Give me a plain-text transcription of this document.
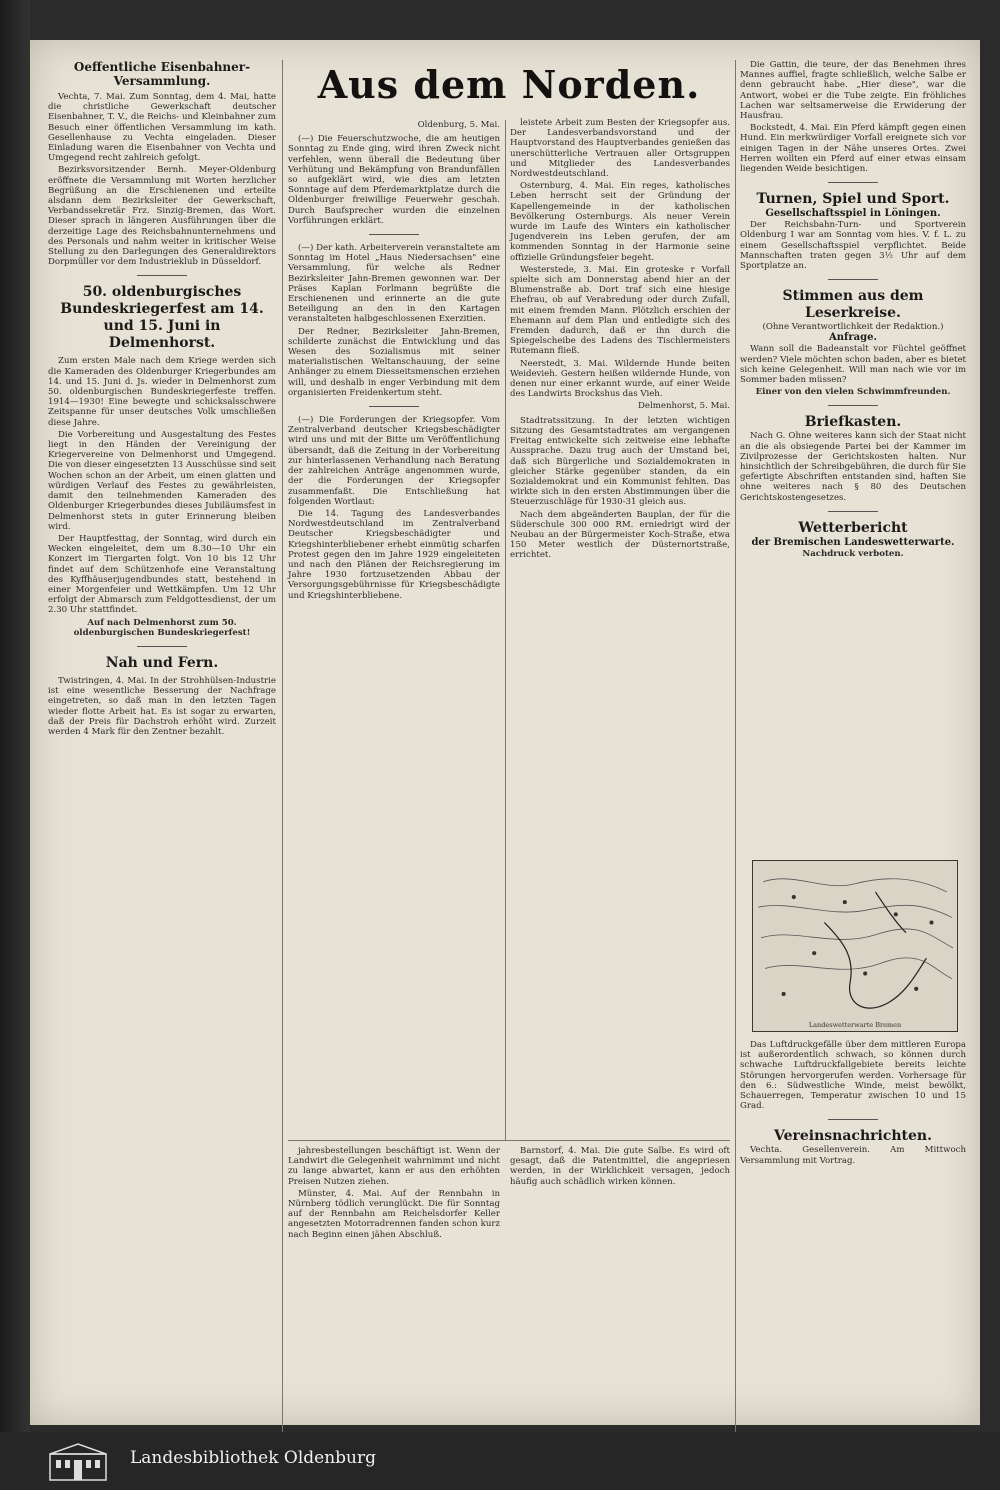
Aus dem Norden.
Oeffentliche Eisenbahner-Versammlung.

Vechta, 7. Mai. Zum Sonntag, dem 4. Mai, hatte die christliche Gewerkschaft deutscher Eisenbahner, T. V., die Reichs- und Kleinbahner zum Besuch einer öffentlichen Versammlung im kath. Gesellenhause zu Vechta eingeladen. Dieser Einladung waren die Eisenbahner von Vechta und Umgegend recht zahlreich gefolgt.

Bezirksvorsitzender Bernh. Meyer-Oldenburg eröffnete die Versammlung mit Worten herzlicher Begrüßung an die Erschienenen und erteilte alsdann dem Bezirksleiter der Gewerkschaft, Verbandssekretär Frz. Sinzig-Bremen, das Wort. Dieser sprach in längeren Ausführungen über die derzeitige Lage des Reichsbahnunternehmens und des Personals und nahm weiter in kritischer Weise Stellung zu den Darlegungen des Generaldirektors Dorpmüller vor dem Industrieklub in Düsseldorf.

50. oldenburgisches Bundeskriegerfest am 14. und 15. Juni in Delmenhorst.

Zum ersten Male nach dem Kriege werden sich die Kameraden des Oldenburger Kriegerbundes am 14. und 15. Juni d. Js. wieder in Delmenhorst zum 50. oldenburgischen Bundeskriegerfeste treffen. 1914—1930! Eine bewegte und schicksalsschwere Zeitspanne für unser deutsches Volk umschließen diese Jahre.

Die Vorbereitung und Ausgestaltung des Festes liegt in den Händen der Vereinigung der Kriegervereine von Delmenhorst und Umgegend. Die von dieser eingesetzten 13 Ausschüsse sind seit Wochen schon an der Arbeit, um einen glatten und würdigen Verlauf des Festes zu gewährleisten, damit den teilnehmenden Kameraden des Oldenburger Kriegerbundes dieses Jubiläumsfest in Delmenhorst stets in guter Erinnerung bleiben wird.

Der Hauptfesttag, der Sonntag, wird durch ein Wecken eingeleitet, dem um 8.30—10 Uhr ein Konzert im Tiergarten folgt. Von 10 bis 12 Uhr findet auf dem Schützenhofe eine Veranstaltung des Kyffhäuserjugendbundes statt, bestehend in einer Morgenfeier und Wettkämpfen. Um 12 Uhr erfolgt der Abmarsch zum Feldgottesdienst, der um 2.30 Uhr stattfindet.

Auf nach Delmenhorst zum 50. oldenburgischen Bundeskriegerfest!

Nah und Fern.

Twistringen, 4. Mai. In der Strohhülsen-Industrie ist eine wesentliche Besserung der Nachfrage eingetreten, so daß man in den letzten Tagen wieder flotte Arbeit hat. Es ist sogar zu erwarten, daß der Preis für Dachstroh erhöht wird. Zurzeit werden 4 Mark für den Zentner bezahlt.

Oldenburg, 5. Mai.

(—) Die Feuerschutzwoche, die am heutigen Sonntag zu Ende ging, wird ihren Zweck nicht verfehlen, wenn überall die Bedeutung über Verhütung und Bekämpfung von Brandunfällen so aufgeklärt wird, wie dies am letzten Sonntage auf dem Pferdemarktplatze durch die Oldenburger freiwillige Feuerwehr geschah. Durch Baufsprecher wurden die einzelnen Vorführungen erklärt.

(—) Der kath. Arbeiterverein veranstaltete am Sonntag im Hotel „Haus Niedersachsen" eine Versammlung, für welche als Redner Bezirksleiter Jahn-Bremen gewonnen war. Der Präses Kaplan Forlmann begrüßte die Erschienenen und erinnerte an die gute Beteiligung an den in den Kartagen veranstalteten halbgeschlossenen Exerzitien.

Der Redner, Bezirksleiter Jahn-Bremen, schilderte zunächst die Entwicklung und das Wesen des Sozialismus mit seiner materialistischen Weltanschauung, der seine Anhänger zu einem Diesseitsmenschen erziehen will, und deshalb in enger Verbindung mit dem organisierten Freidenkertum steht.

(—) Die Forderungen der Kriegsopfer. Vom Zentralverband deutscher Kriegsbeschädigter wird uns und mit der Bitte um Veröffentlichung übersandt, daß die Zeitung in der Vorbereitung zur hinterlassenen Verhandlung nach Beratung der zahlreichen Anträge angenommen wurde, der die Forderungen der Kriegsopfer zusammenfaßt. Die Entschließung hat folgenden Wortlaut:

Die 14. Tagung des Landesverbandes Nordwestdeutschland im Zentralverband Deutscher Kriegsbeschädigter und Kriegshinterbliebener erhebt einmütig scharfen Protest gegen den im Jahre 1929 eingeleiteten und nach den Plänen der Reichsregierung im Jahre 1930 fortzusetzenden Abbau der Versorgungsgebührnisse für Kriegsbeschädigte und Kriegshinterbliebene.

leistete Arbeit zum Besten der Kriegsopfer aus. Der Landesverbandsvorstand und der Hauptvorstand des Hauptverbandes genießen das unerschütterliche Vertrauen aller Ortsgruppen und Mitglieder des Landesverbandes Nordwestdeutschland.

Osternburg, 4. Mai. Ein reges, katholisches Leben herrscht seit der Gründung der Kapellengemeinde in der katholischen Bevölkerung Osternburgs. Als neuer Verein wurde im Laufe des Winters ein katholischer Jugendverein ins Leben gerufen, der am kommenden Sonntag in der Harmonie seine offizielle Gründungsfeier begeht.

Westerstede, 3. Mai. Ein groteske r Vorfall spielte sich am Donnerstag abend hier an der Blumenstraße ab. Dort traf sich eine hiesige Ehefrau, ob auf Verabredung oder durch Zufall, mit einem fremden Mann. Plötzlich erschien der Ehemann auf dem Plan und entledigte sich des Fremden dadurch, daß er ihn durch die Spiegelscheibe des Ladens des Tischlermeisters Rutemann fließ.

Neerstedt, 3. Mai. Wildernde Hunde beiten Weidevieh. Gestern heißen wildernde Hunde, von denen nur einer erkannt wurde, auf einer Weide des Landwirts Brockshus das Vieh.

Delmenhorst, 5. Mai.

Stadtratssitzung. In der letzten wichtigen Sitzung des Gesamtstadtrates am vergangenen Freitag entwickelte sich zeitweise eine lebhafte Aussprache. Dazu trug auch der Umstand bei, daß sich Bürgerliche und Sozialdemokraten in gleicher Stärke gegenüber standen, da ein Sozialdemokrat und ein Kommunist fehlten. Das wirkte sich in den ersten Abstimmungen über die Steuerzuschläge für 1930-31 gleich aus.

Nach dem abgeänderten Bauplan, der für die Süderschule 300 000 RM. erniedrigt wird der Neubau an der Bürgermeister Koch-Straße, etwa 150 Meter westlich der Düsternortstraße, errichtet.

Die Gattin, die teure, der das Benehmen ihres Mannes auffiel, fragte schließlich, welche Salbe er denn gebraucht habe. „Hier diese", war die Antwort, wobei er die Tube zeigte. Ein fröhliches Lachen war seltsamerweise die Erwiderung der Hausfrau.

Bockstedt, 4. Mai. Ein Pferd kämpft gegen einen Hund. Ein merkwürdiger Vorfall ereignete sich vor einigen Tagen in der Nähe unseres Ortes. Zwei Herren wollten ein Pferd auf einer etwas einsam liegenden Weide besichtigen.

Turnen, Spiel und Sport.
Gesellschaftsspiel in Löningen.

Der Reichsbahn-Turn- und Sportverein Oldenburg I war am Sonntag vom hies. V. f. L. zu einem Gesellschaftsspiel verpflichtet. Beide Mannschaften traten gegen 3½ Uhr auf dem Sportplatze an.

Stimmen aus dem Leserkreise.
(Ohne Verantwortlichkeit der Redaktion.)
Anfrage.

Wann soll die Badeanstalt vor Füchtel geöffnet werden? Viele möchten schon baden, aber es bietet sich keine Gelegenheit. Will man nach wie vor im Sommer baden müssen?

Einer von den vielen Schwimmfreunden.
Briefkasten.

Nach G. Ohne weiteres kann sich der Staat nicht an die als obsiegende Partei bei der Kammer im Zivilprozesse der Gerichtskosten halten. Nur hinsichtlich der Schreibgebühren, die durch für Sie gefertigte Abschriften entstanden sind, haften Sie ohne weiteres nach § 80 des Deutschen Gerichtskostengesetzes.

Wetterbericht
der Bremischen Landeswetterwarte.
Nachdruck verboten.
Landeswetterwarte Bremen

Das Luftdruckgefälle über dem mittleren Europa ist außerordentlich schwach, so können durch schwache Luftdruckfallgebiete bereits leichte Störungen hervorgerufen werden. Vorhersage für den 6.: Südwestliche Winde, meist bewölkt, Schauerregen, Temperatur zwischen 10 und 15 Grad.

Vereinsnachrichten.

Vechta. Gesellenverein. Am Mittwoch Versammlung mit Vortrag.

jahresbestellungen beschäftigt ist. Wenn der Landwirt die Gelegenheit wahrnimmt und nicht zu lange abwartet, kann er aus den erhöhten Preisen Nutzen ziehen.

Münster, 4. Mai. Auf der Rennbahn in Nürnberg tödlich verunglückt. Die für Sonntag auf der Rennbahn am Reichelsdorfer Keller angesetzten Motorradrennen fanden schon kurz nach Beginn einen jähen Abschluß.

Barnstorf, 4. Mai. Die gute Salbe. Es wird oft gesagt, daß die Patentmittel, die angepriesen werden, in der Wirklichkeit versagen, jedoch häufig auch schädlich wirken können.

Landesbibliothek Oldenburg
